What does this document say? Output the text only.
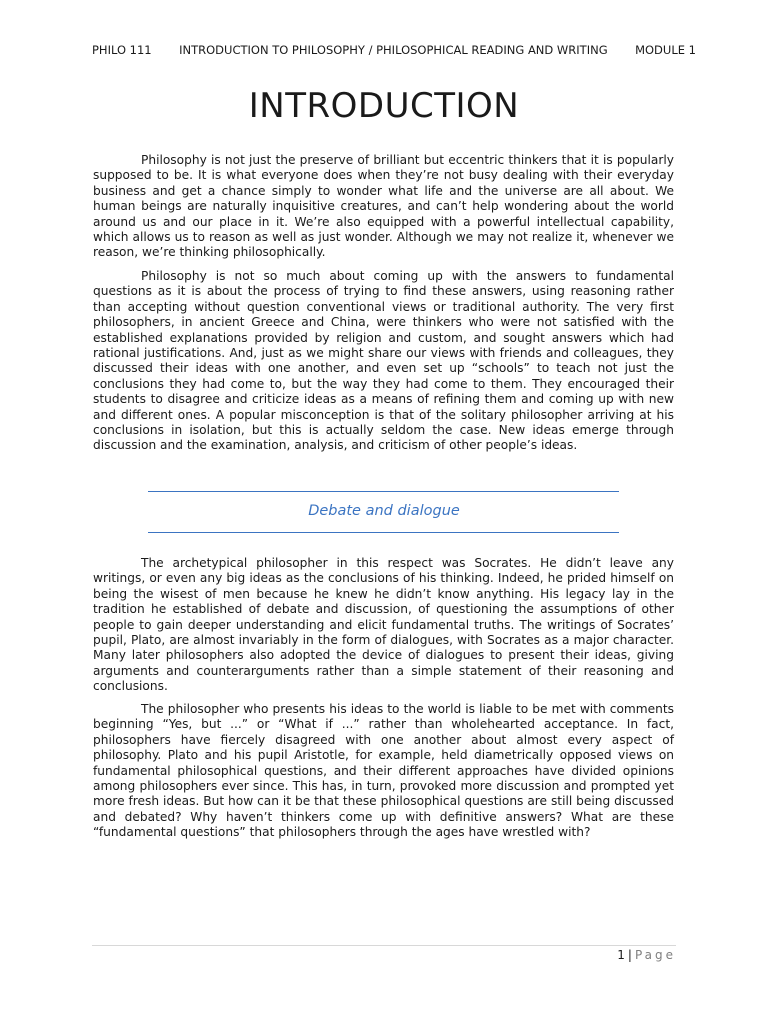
PHILO 111 INTRODUCTION TO PHILOSOPHY / PHILOSOPHICAL READING AND WRITING MODULE 1
INTRODUCTION

Philosophy is not just the preserve of brilliant but eccentric thinkers that it is popularly supposed to be. It is what everyone does when they’re not busy dealing with their everyday business and get a chance simply to wonder what life and the universe are all about. We human beings are naturally inquisitive creatures, and can’t help wondering about the world around us and our place in it. We’re also equipped with a powerful intellectual capability, which allows us to reason as well as just wonder. Although we may not realize it, whenever we reason, we’re thinking philosophically.

Philosophy is not so much about coming up with the answers to fundamental questions as it is about the process of trying to find these answers, using reasoning rather than accepting without question conventional views or traditional authority. The very first philosophers, in ancient Greece and China, were thinkers who were not satisfied with the established explanations provided by religion and custom, and sought answers which had rational justifications. And, just as we might share our views with friends and colleagues, they discussed their ideas with one another, and even set up “schools” to teach not just the conclusions they had come to, but the way they had come to them. They encouraged their students to disagree and criticize ideas as a means of refining them and coming up with new and different ones. A popular misconception is that of the solitary philosopher arriving at his conclusions in isolation, but this is actually seldom the case. New ideas emerge through discussion and the examination, analysis, and criticism of other people’s ideas.

Debate and dialogue

The archetypical philosopher in this respect was Socrates. He didn’t leave any writings, or even any big ideas as the conclusions of his thinking. Indeed, he prided himself on being the wisest of men because he knew he didn’t know anything. His legacy lay in the tradition he established of debate and discussion, of questioning the assumptions of other people to gain deeper understanding and elicit fundamental truths. The writings of Socrates’ pupil, Plato, are almost invariably in the form of dialogues, with Socrates as a major character. Many later philosophers also adopted the device of dialogues to present their ideas, giving arguments and counterarguments rather than a simple statement of their reasoning and conclusions.

The philosopher who presents his ideas to the world is liable to be met with comments beginning “Yes, but ...” or “What if ...” rather than wholehearted acceptance. In fact, philosophers have fiercely disagreed with one another about almost every aspect of philosophy. Plato and his pupil Aristotle, for example, held diametrically opposed views on fundamental philosophical questions, and their different approaches have divided opinions among philosophers ever since. This has, in turn, provoked more discussion and prompted yet more fresh ideas. But how can it be that these philosophical questions are still being discussed and debated? Why haven’t thinkers come up with definitive answers? What are these “fundamental questions” that philosophers through the ages have wrestled with?

1 | Page
